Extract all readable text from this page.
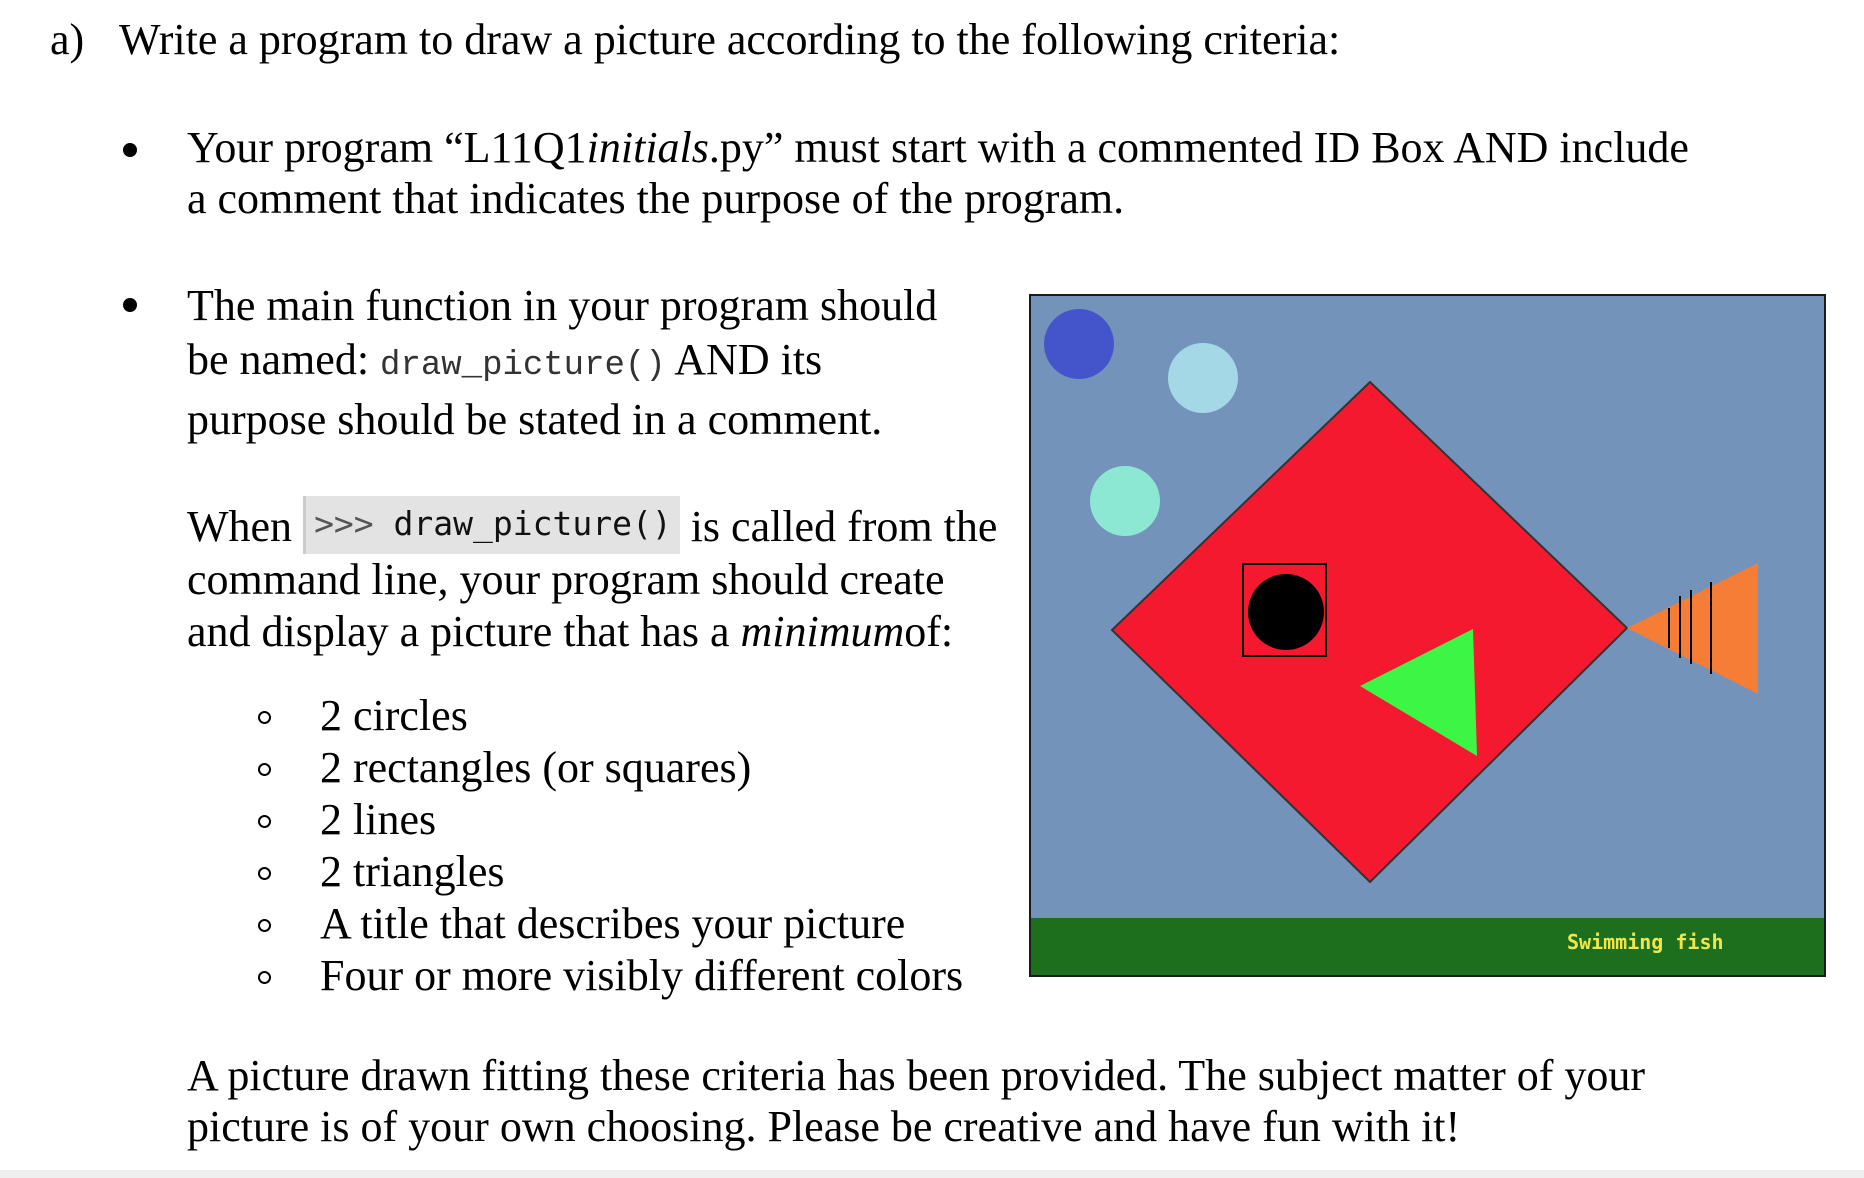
a) Write a program to draw a picture according to the following criteria:
Your program “L11Q1initials.py” must start with a commented ID Box AND include
a comment that indicates the purpose of the program.
The main function in your program should
be named: draw_picture() AND its
purpose should be stated in a comment.
When >>> draw_picture() is called from the
command line, your program should create
and display a picture that has a minimumof:
2 circles
2 rectangles (or squares)
2 lines
2 triangles
A title that describes your picture
Four or more visibly different colors
Swimming fish
A picture drawn fitting these criteria has been provided. The subject matter of your
picture is of your own choosing. Please be creative and have fun with it!
